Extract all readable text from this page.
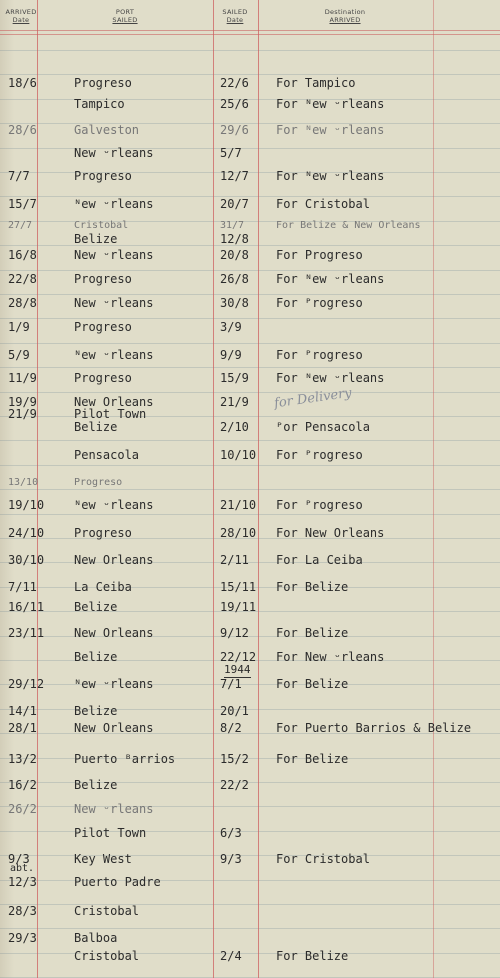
ARRIVED
Date
PORT
SAILED
SAILED
Date
Destination
ARRIVED
18/6	Progreso	22/6 For Tampico
Tampico	25/6 For ᴺew ᵕrleans
28/6	Galveston	29/6 For ᴺew ᵕrleans
New ᵕrleans	5/7
7/7	Progreso	12/7 For ᴺew ᵕrleans
15/7	ᴺew ᵕrleans	20/7 For Cristobal
27/7	Cristobal	31/7	For Belize & New Orleans
Belize	12/8
16/8	New ᵕrleans	20/8 For Progreso
22/8	Progreso	26/8 For ᴺew ᵕrleans
28/8	New ᵕrleans	30/8 For ᴾrogreso
1/9	Progreso	3/9
5/9	ᴺew ᵕrleans	9/9	For ᴾrogreso
11/9	Progreso	15/9 For ᴺew ᵕrleans
19/9	New Orleans	21/9
21/9	Pilot Town
Belize	2/10 ᴾor Pensacola
Pensacola	10/10 For ᴾrogreso
13/10	Progreso
19/10 ᴺew ᵕrleans	21/10 For ᴾrogreso
24/10 Progreso	28/10 For New Orleans
30/10 New Orleans	2/11 For La Ceiba
7/11	La Ceiba	15/11 For Belize
16/11 Belize	19/11
23/11 New Orleans	9/12 For Belize
Belize	22/12 For New ᵕrleans
29/12 ᴺew ᵕrleans	7/1	For Belize
14/1	Belize	20/1
28/1	New Orleans	8/2	For Puerto Barrios & Belize
13/2	Puerto ᴮarrios	15/2 For Belize
16/2	Belize	22/2
26/2	New ᵕrleans
Pilot Town	6/3
9/3	Key West	9/3	For Cristobal
12/3	Puerto Padre
28/3	Cristobal
29/3	Balboa
Cristobal	2/4	For Belize
1944
abt.
for Delivery
